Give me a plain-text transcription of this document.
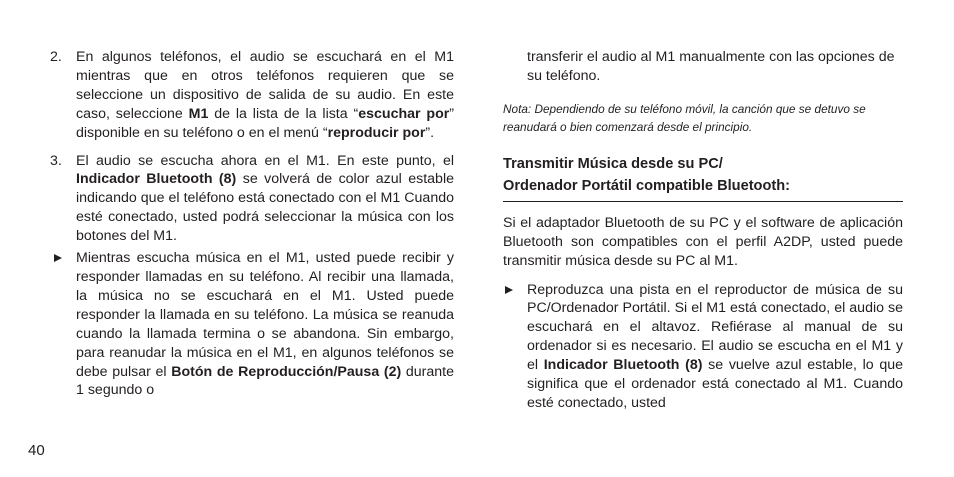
2. En algunos teléfonos, el audio se escuchará en el M1 mientras que en otros teléfonos requieren que se seleccione un dispositivo de salida de su audio. En este caso, seleccione M1 de la lista de la lista “escuchar por” disponible en su teléfono o en el menú “reproducir por”.

3. El audio se escucha ahora en el M1. En este punto, el Indicador Bluetooth (8) se volverá de color azul estable indicando que el teléfono está conectado con el M1 Cuando esté conectado, usted podrá seleccionar la música con los botones del M1.

Mientras escucha música en el M1, usted puede recibir y responder llamadas en su teléfono. Al recibir una llamada, la música no se escuchará en el M1. Usted puede responder la llamada en su teléfono. La música se reanuda cuando la llamada termina o se abandona. Sin embargo, para reanudar la música en el M1, en algunos teléfonos se debe pulsar el Botón de Reproducción/Pausa (2) durante 1 segundo o

transferir el audio al M1 manualmente con las opciones de su teléfono.

Nota: Dependiendo de su teléfono móvil, la canción que se detuvo se reanudará o bien comenzará desde el principio.

Transmitir Música desde su PC/
Ordenador Portátil compatible Bluetooth:

Si el adaptador Bluetooth de su PC y el software de aplicación Bluetooth son compatibles con el perfil A2DP, usted puede transmitir música desde su PC al M1.

Reproduzca una pista en el reproductor de música de su PC/Ordenador Portátil. Si el M1 está conectado, el audio se escuchará en el altavoz. Refiérase al manual de su ordenador si es necesario. El audio se escucha en el M1 y el Indicador Bluetooth (8) se vuelve azul estable, lo que significa que el ordenador está conectado al M1. Cuando esté conectado, usted

40
